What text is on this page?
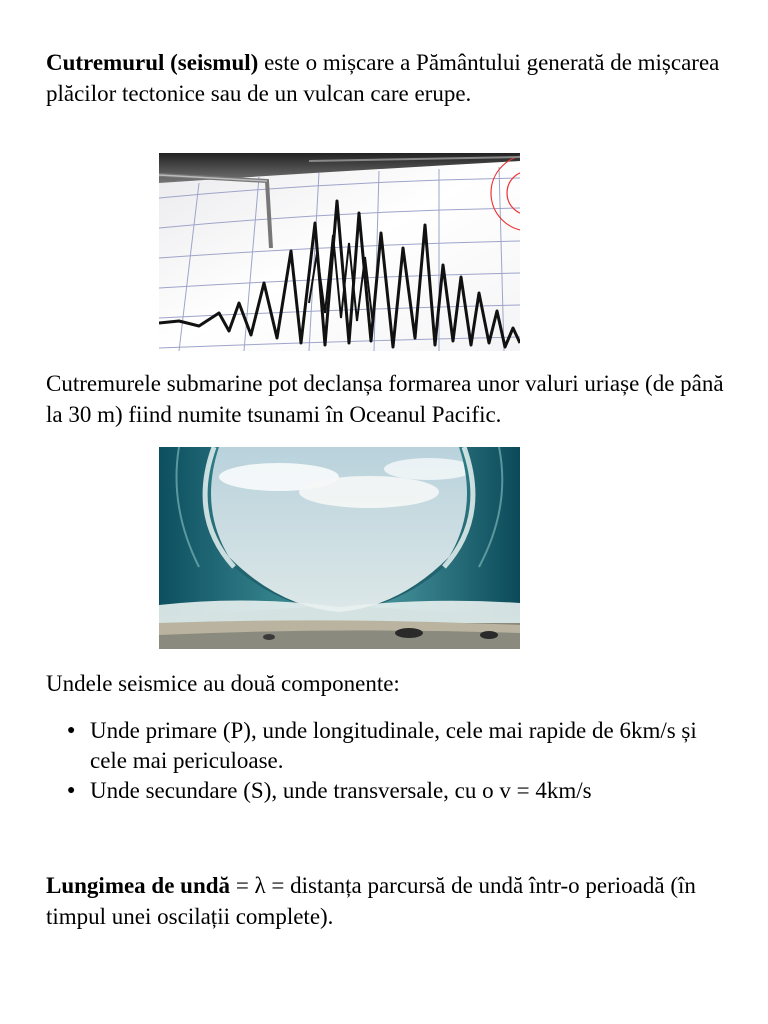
Cutremurul (seismul) este o mișcare a Pământului generată de mișcarea plăcilor tectonice sau de un vulcan care erupe.

Cutremurele submarine pot declanșa formarea unor valuri uriașe (de până la 30 m) fiind numite tsunami în Oceanul Pacific.

Undele seismice au două componente:

● Unde primare (P), unde longitudinale, cele mai rapide de 6km/s și cele mai periculoase.
● Unde secundare (S), unde transversale, cu o v = 4km/s

Lungimea de undă = λ = distanța parcursă de undă într-o perioadă (în timpul unei oscilații complete).
